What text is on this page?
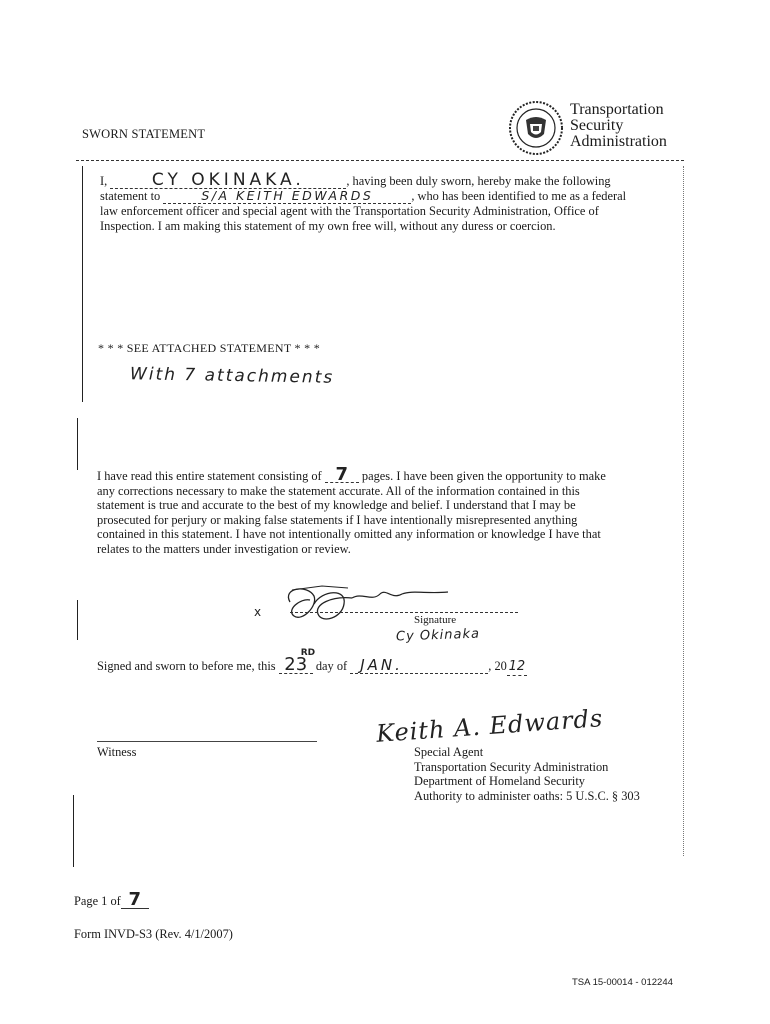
SWORN STATEMENT
Transportation
Security
Administration
I,	CY OKINAKA.	, having been duly sworn, hereby make the following
statement to	S/A KEITH EDWARDS	, who has been identified to me as a federal
law enforcement officer and special agent with the Transportation Security Administration, Office of
Inspection. I am making this statement of my own free will, without any duress or coercion.
* * * SEE ATTACHED STATEMENT * * *
With 7 attachments
I have read this entire statement consisting of 7 pages. I have been given the opportunity to make
any corrections necessary to make the statement accurate. All of the information contained in this
statement is true and accurate to the best of my knowledge and belief. I understand that I may be
prosecuted for perjury or making false statements if I have intentionally misrepresented anything
contained in this statement. I have not intentionally omitted any information or knowledge I have that
relates to the matters under investigation or review.
x
Signature
Cy Okinaka
Signed and sworn to before me, this 23
RD
day of JAN.	, 20 12
Witness
Keith A. Edwards
Special Agent
Transportation Security Administration
Department of Homeland Security
Authority to administer oaths: 5 U.S.C. § 303
Page 1 of 7
Form INVD-S3 (Rev. 4/1/2007)
TSA 15-00014 - 012244
